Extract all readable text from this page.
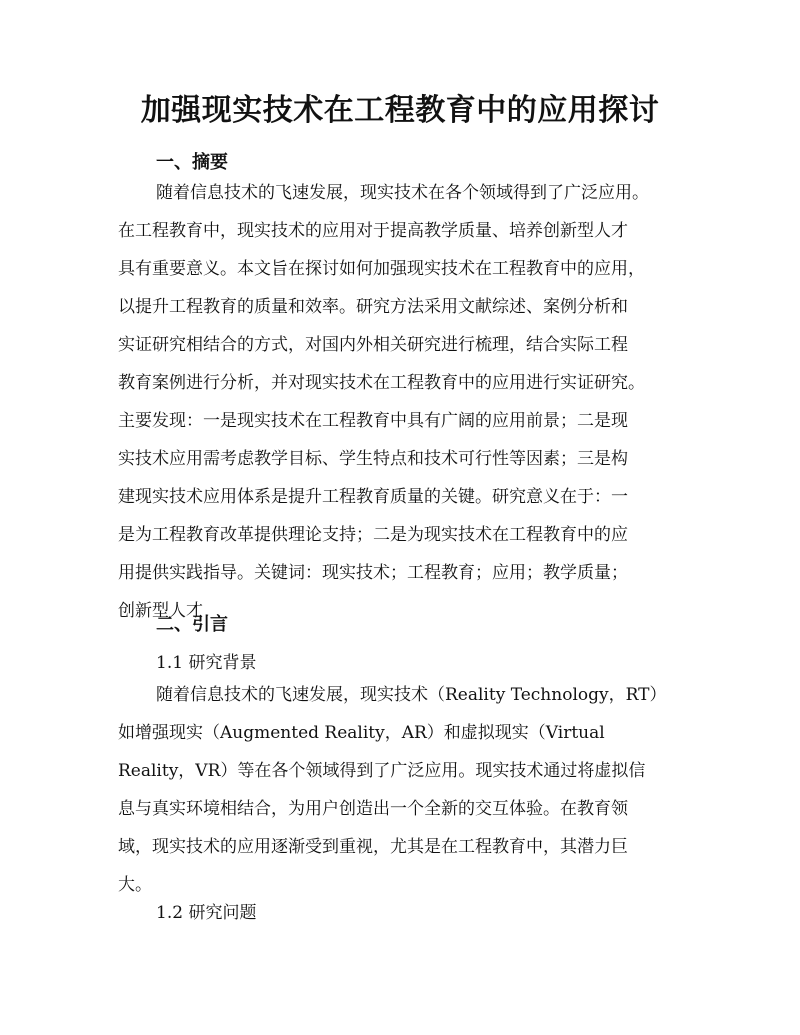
加强现实技术在工程教育中的应用探讨
一、摘要
随着信息技术的飞速发展，现实技术在各个领域得到了广泛应用。
在工程教育中，现实技术的应用对于提高教学质量、培养创新型人才
具有重要意义。本文旨在探讨如何加强现实技术在工程教育中的应用，
以提升工程教育的质量和效率。研究方法采用文献综述、案例分析和
实证研究相结合的方式，对国内外相关研究进行梳理，结合实际工程
教育案例进行分析，并对现实技术在工程教育中的应用进行实证研究。
主要发现：一是现实技术在工程教育中具有广阔的应用前景；二是现
实技术应用需考虑教学目标、学生特点和技术可行性等因素；三是构
建现实技术应用体系是提升工程教育质量的关键。研究意义在于：一
是为工程教育改革提供理论支持；二是为现实技术在工程教育中的应
用提供实践指导。关键词：现实技术；工程教育；应用；教学质量；
创新型人才
二、引言
1.1 研究背景
随着信息技术的飞速发展，现实技术（Reality Technology，RT）
如增强现实（Augmented Reality，AR）和虚拟现实（Virtual
Reality，VR）等在各个领域得到了广泛应用。现实技术通过将虚拟信
息与真实环境相结合，为用户创造出一个全新的交互体验。在教育领
域，现实技术的应用逐渐受到重视，尤其是在工程教育中，其潜力巨
大。
1.2 研究问题
